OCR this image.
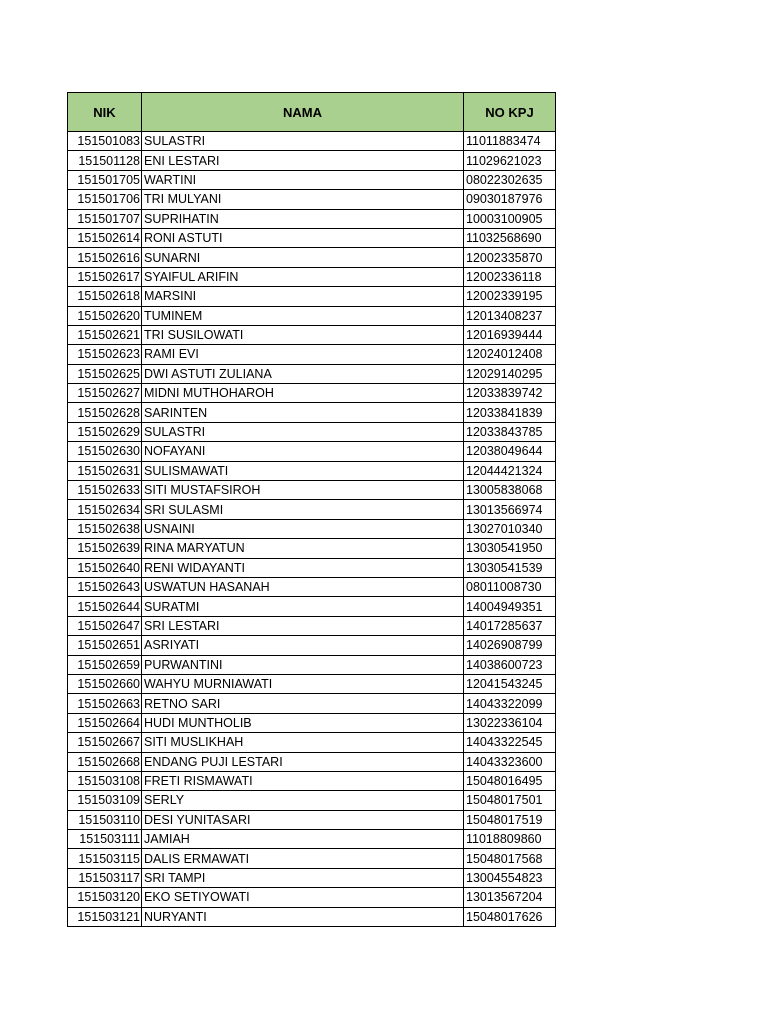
NIK	NAMA	NO KPJ
151501083	SULASTRI	11011883474
151501128	ENI LESTARI	11029621023
151501705	WARTINI	08022302635
151501706	TRI MULYANI	09030187976
151501707	SUPRIHATIN	10003100905
151502614	RONI ASTUTI	11032568690
151502616	SUNARNI	12002335870
151502617	SYAIFUL ARIFIN	12002336118
151502618	MARSINI	12002339195
151502620	TUMINEM	12013408237
151502621	TRI SUSILOWATI	12016939444
151502623	RAMI EVI	12024012408
151502625	DWI ASTUTI ZULIANA	12029140295
151502627	MIDNI MUTHOHAROH	12033839742
151502628	SARINTEN	12033841839
151502629	SULASTRI	12033843785
151502630	NOFAYANI	12038049644
151502631	SULISMAWATI	12044421324
151502633	SITI MUSTAFSIROH	13005838068
151502634	SRI SULASMI	13013566974
151502638	USNAINI	13027010340
151502639	RINA MARYATUN	13030541950
151502640	RENI WIDAYANTI	13030541539
151502643	USWATUN HASANAH	08011008730
151502644	SURATMI	14004949351
151502647	SRI LESTARI	14017285637
151502651	ASRIYATI	14026908799
151502659	PURWANTINI	14038600723
151502660	WAHYU MURNIAWATI	12041543245
151502663	RETNO SARI	14043322099
151502664	HUDI MUNTHOLIB	13022336104
151502667	SITI MUSLIKHAH	14043322545
151502668	ENDANG PUJI LESTARI	14043323600
151503108	FRETI RISMAWATI	15048016495
151503109	SERLY	15048017501
151503110	DESI YUNITASARI	15048017519
151503111	JAMIAH	11018809860
151503115	DALIS ERMAWATI	15048017568
151503117	SRI TAMPI	13004554823
151503120	EKO SETIYOWATI	13013567204
151503121	NURYANTI	15048017626
